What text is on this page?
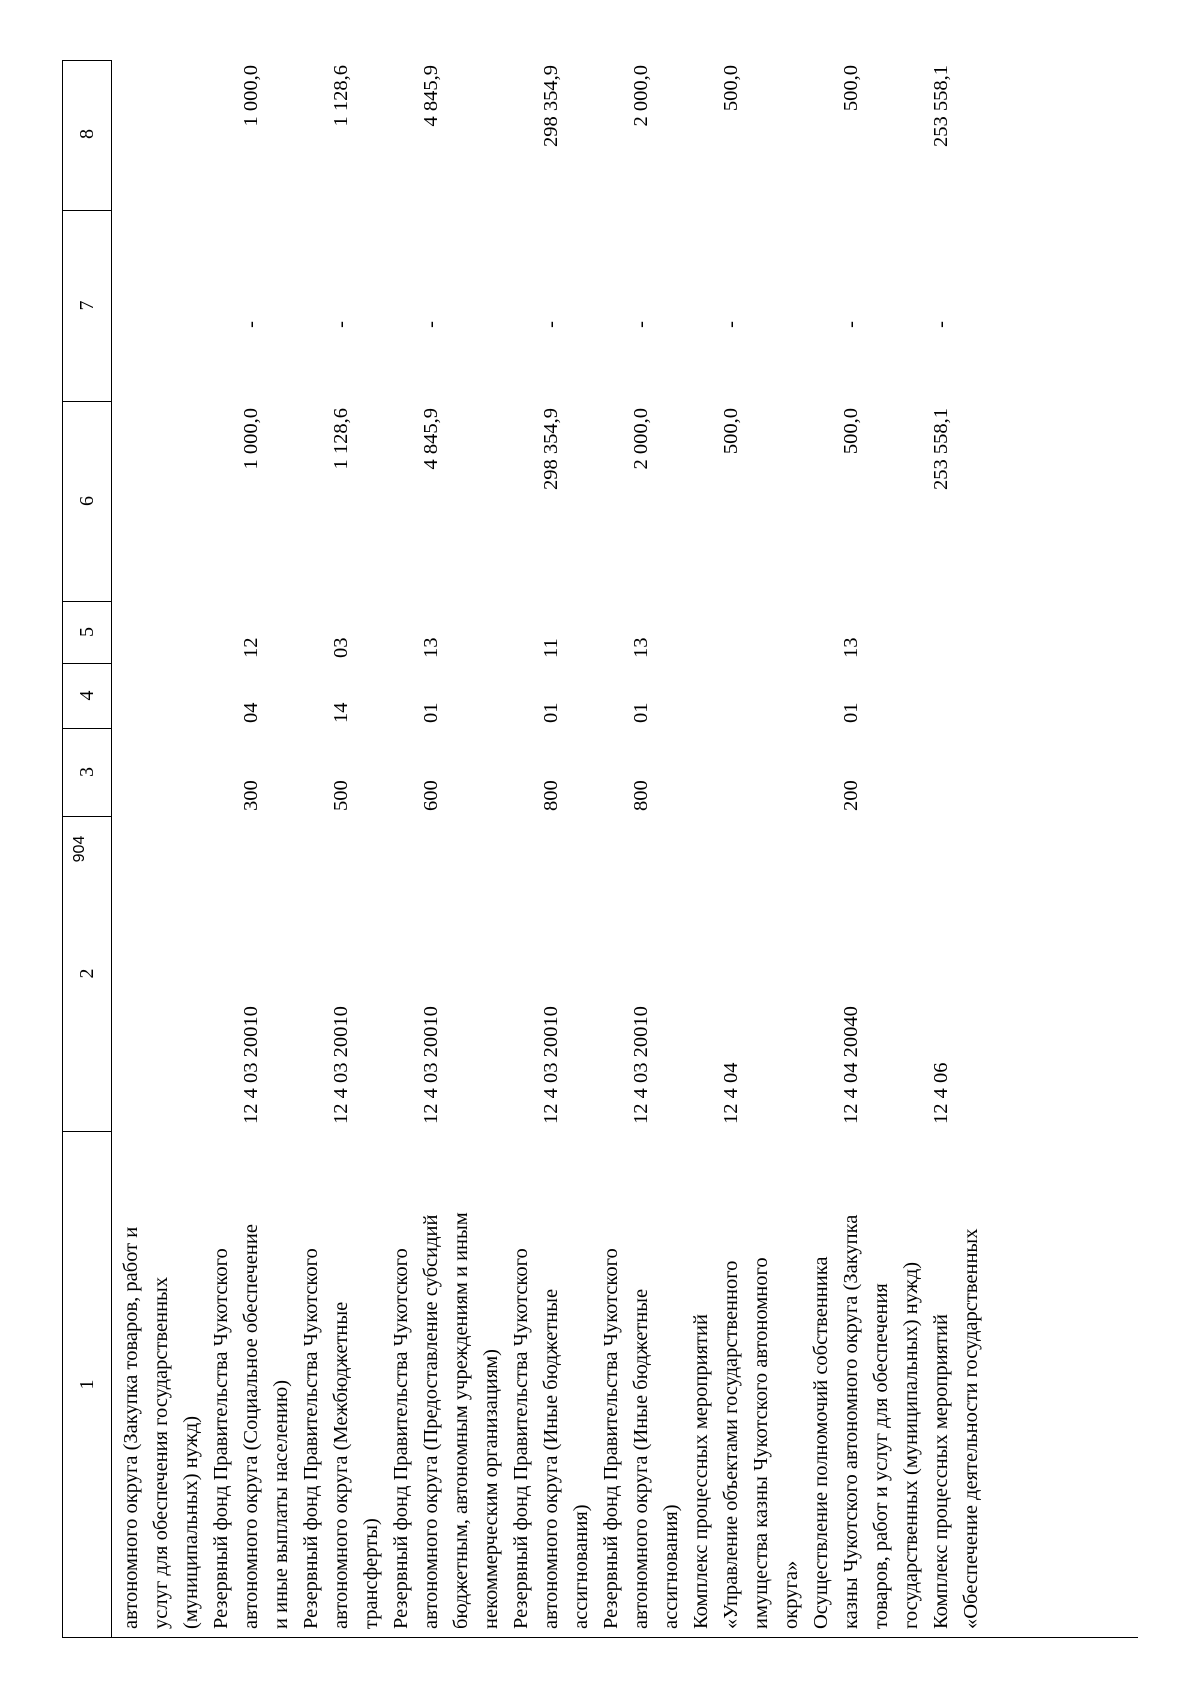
904
1
2
3
4
5
6
7
8
автономного округа (Закупка товаров, работ и услуг для обеспечения государственных (муниципальных) нужд) Резервный фонд Правительства Чукотского автономного округа (Социальное обеспечение и иные выплаты населению)
12 4 03 20010
300
04
12
1 000,0
-
1 000,0
Резервный фонд Правительства Чукотского автономного округа (Межбюджетные трансферты)
12 4 03 20010
500
14
03
1 128,6
-
1 128,6
Резервный фонд Правительства Чукотского автономного округа (Предоставление субсидий бюджетным, автономным учреждениям и иным некоммерческим организациям)
12 4 03 20010
600
01
13
4 845,9
-
4 845,9
Резервный фонд Правительства Чукотского автономного округа (Иные бюджетные ассигнования)
12 4 03 20010
800
01
11
298 354,9
-
298 354,9
Резервный фонд Правительства Чукотского автономного округа (Иные бюджетные ассигнования)
12 4 03 20010
800
01
13
2 000,0
-
2 000,0
Комплекс процессных мероприятий «Управление объектами государственного имущества казны Чукотского автономного округа»
12 4 04
500,0
-
500,0
Осуществление полномочий собственника казны Чукотского автономного округа (Закупка товаров, работ и услуг для обеспечения государственных (муниципальных) нужд)
12 4 04 20040
200
01
13
500,0
-
500,0
Комплекс процессных мероприятий «Обеспечение деятельности государственных
12 4 06
253 558,1
-
253 558,1
